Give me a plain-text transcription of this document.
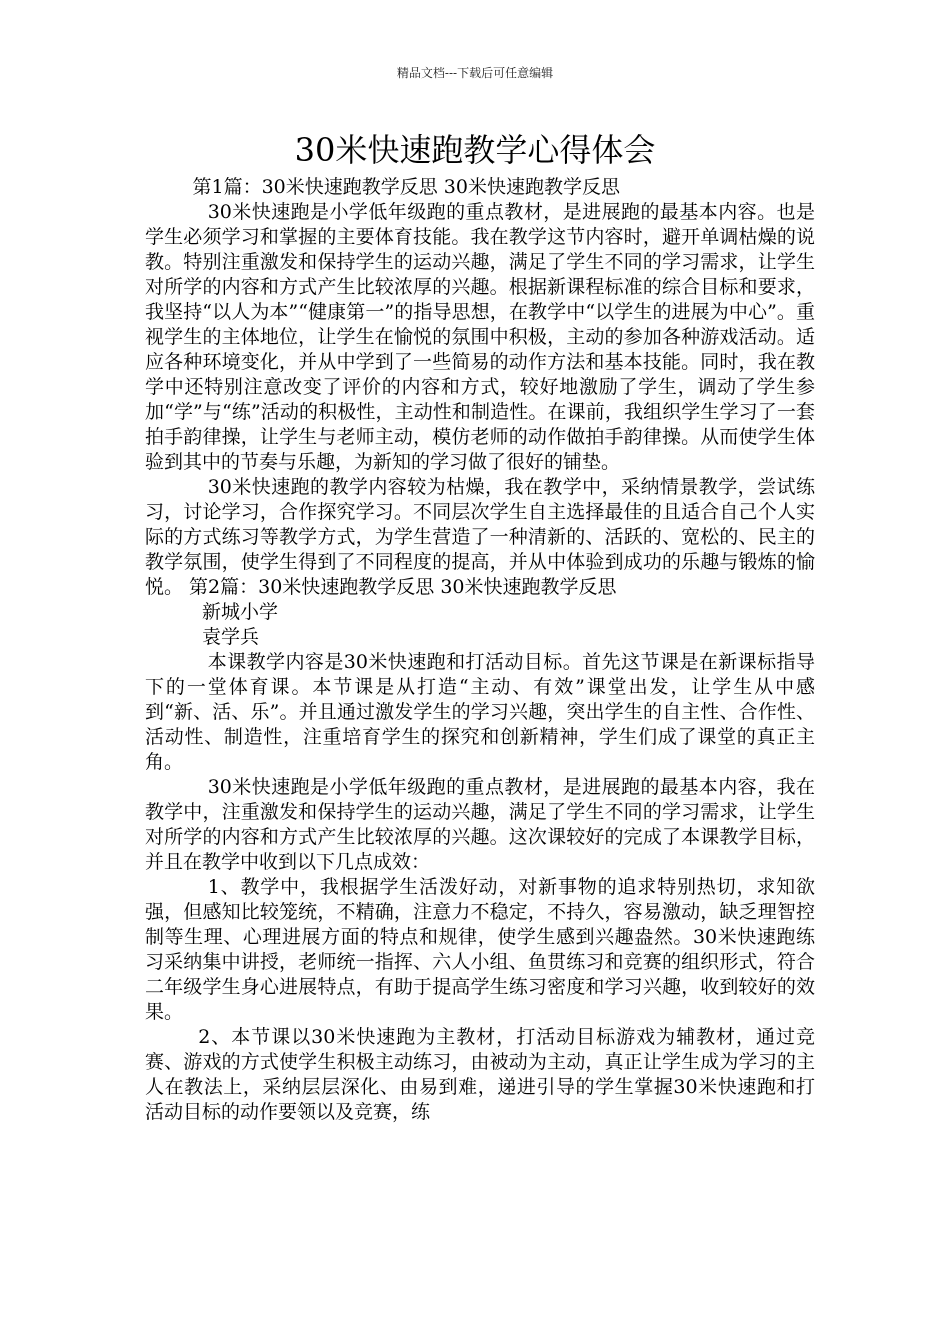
精品文档---下载后可任意编辑
30米快速跑教学心得体会

第1篇：30米快速跑教学反思 30米快速跑教学反思

30米快速跑是小学低年级跑的重点教材，是进展跑的最基本内容。也是学生必须学习和掌握的主要体育技能。我在教学这节内容时，避开单调枯燥的说教。特别注重激发和保持学生的运动兴趣，满足了学生不同的学习需求，让学生对所学的内容和方式产生比较浓厚的兴趣。根据新课程标准的综合目标和要求，我坚持“以人为本”“健康第一”的指导思想，在教学中“以学生的进展为中心”。重视学生的主体地位，让学生在愉悦的氛围中积极，主动的参加各种游戏活动。适应各种环境变化，并从中学到了一些简易的动作方法和基本技能。同时，我在教学中还特别注意改变了评价的内容和方式，较好地激励了学生，调动了学生参加“学”与“练”活动的积极性，主动性和制造性。在课前，我组织学生学习了一套拍手韵律操，让学生与老师主动，模仿老师的动作做拍手韵律操。从而使学生体验到其中的节奏与乐趣，为新知的学习做了很好的铺垫。

30米快速跑的教学内容较为枯燥，我在教学中，采纳情景教学，尝试练习，讨论学习，合作探究学习。不同层次学生自主选择最佳的且适合自己个人实际的方式练习等教学方式，为学生营造了一种清新的、活跃的、宽松的、民主的教学氛围，使学生得到了不同程度的提高，并从中体验到成功的乐趣与锻炼的愉悦。 第2篇：30米快速跑教学反思 30米快速跑教学反思

新城小学

袁学兵

本课教学内容是30米快速跑和打活动目标。首先这节课是在新课标指导下的一堂体育课。本节课是从打造“主动、有效”课堂出发，让学生从中感到“新、活、乐”。并且通过激发学生的学习兴趣，突出学生的自主性、合作性、活动性、制造性，注重培育学生的探究和创新精神，学生们成了课堂的真正主角。

30米快速跑是小学低年级跑的重点教材，是进展跑的最基本内容，我在教学中，注重激发和保持学生的运动兴趣，满足了学生不同的学习需求，让学生对所学的内容和方式产生比较浓厚的兴趣。这次课较好的完成了本课教学目标，并且在教学中收到以下几点成效：

1、教学中，我根据学生活泼好动，对新事物的追求特别热切，求知欲强，但感知比较笼统，不精确，注意力不稳定，不持久，容易激动，缺乏理智控制等生理、心理进展方面的特点和规律，使学生感到兴趣盎然。30米快速跑练习采纳集中讲授，老师统一指挥、六人小组、鱼贯练习和竞赛的组织形式，符合二年级学生身心进展特点，有助于提高学生练习密度和学习兴趣，收到较好的效果。

2、本节课以30米快速跑为主教材，打活动目标游戏为辅教材，通过竞赛、游戏的方式使学生积极主动练习，由被动为主动，真正让学生成为学习的主人在教法上，采纳层层深化、由易到难，递进引导的学生掌握30米快速跑和打活动目标的动作要领以及竞赛，练
